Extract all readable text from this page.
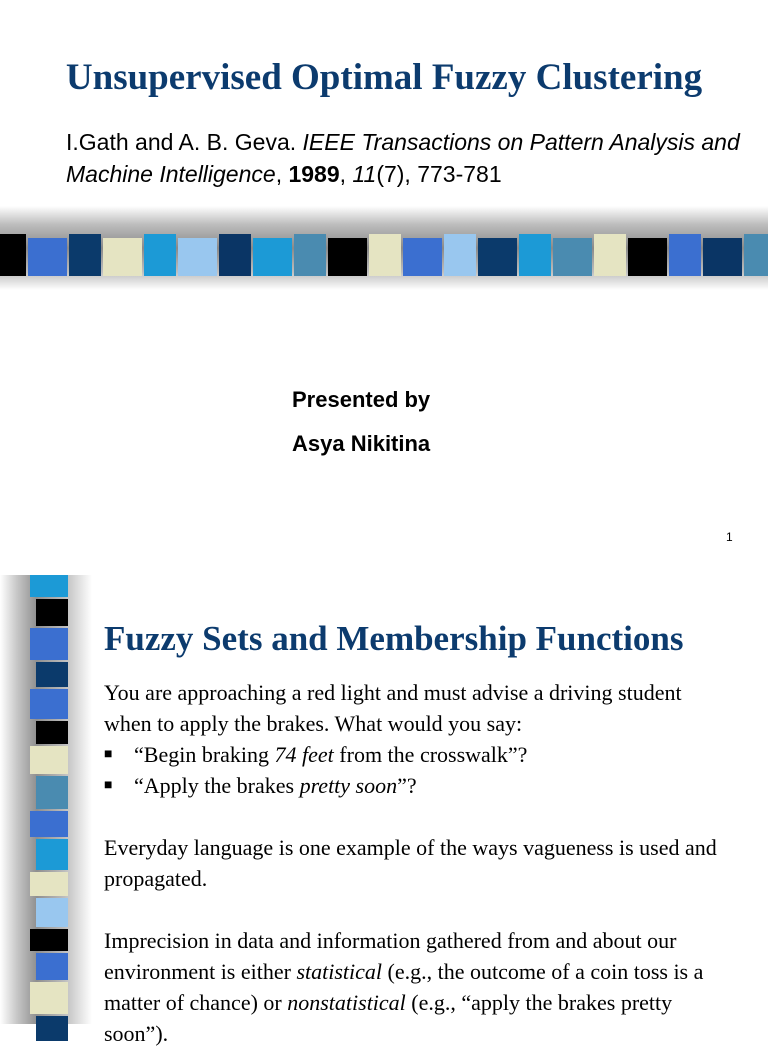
Unsupervised Optimal Fuzzy Clustering
I.Gath and A. B. Geva. IEEE Transactions on Pattern Analysis and Machine Intelligence, 1989, 11(7), 773-781
Presented by
Asya Nikitina
1
Fuzzy Sets and Membership Functions

You are approaching a red light and must advise a driving student when to apply the brakes. What would you say:

■ “Begin braking 74 feet from the crosswalk”?
■ “Apply the brakes pretty soon”?

Everyday language is one example of the ways vagueness is used and propagated.

Imprecision in data and information gathered from and about our environment is either statistical (e.g., the outcome of a coin toss is a matter of chance) or nonstatistical (e.g., “apply the brakes pretty soon”).
